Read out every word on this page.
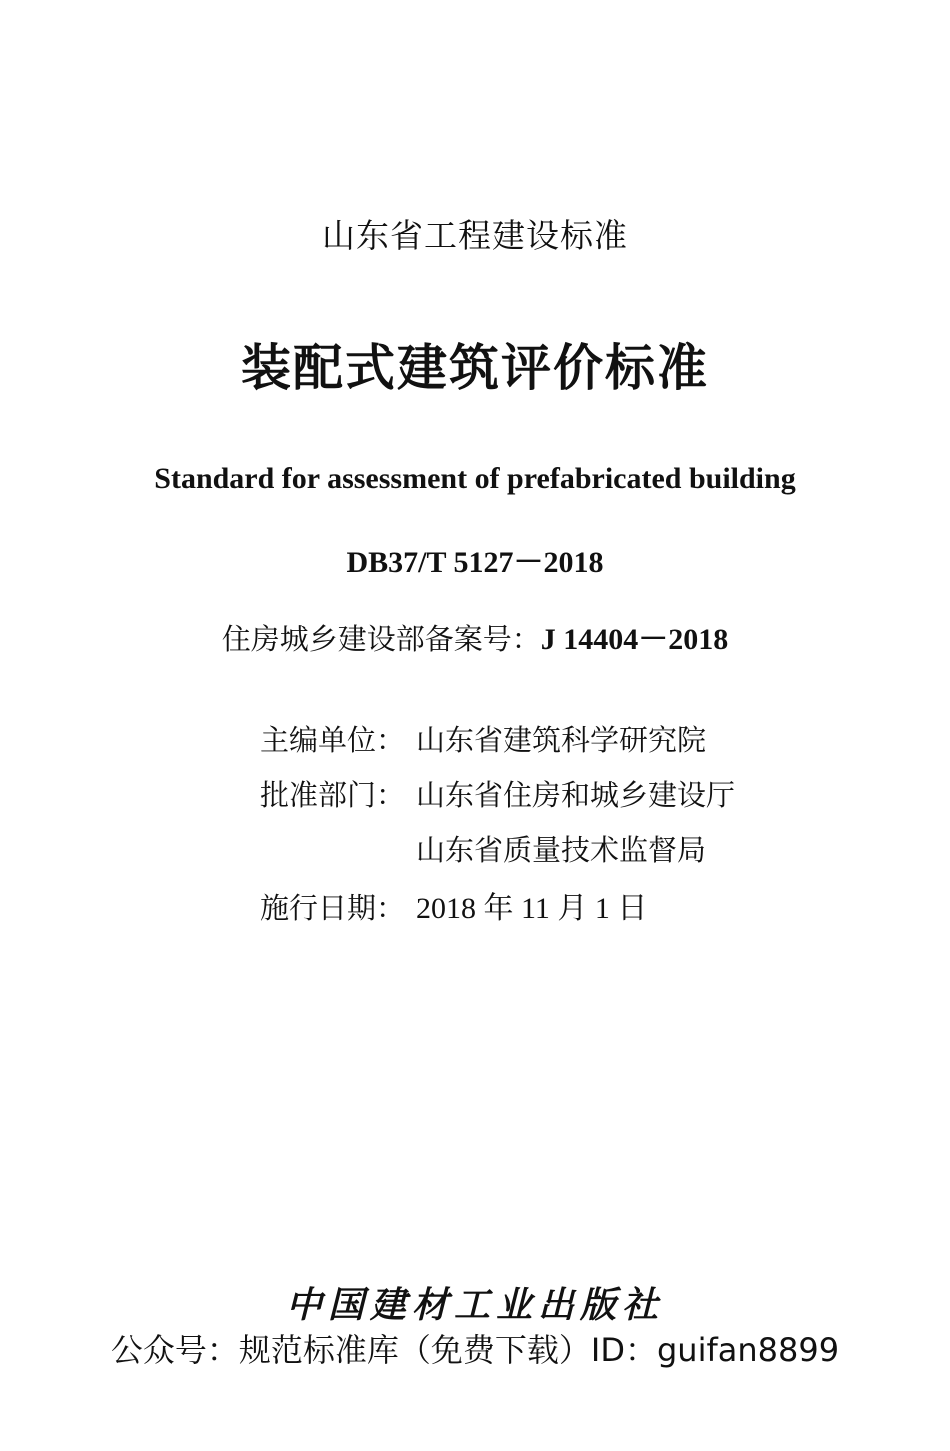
山东省工程建设标准
装配式建筑评价标准
Standard for assessment of prefabricated building
DB37/T 5127－2018
住房城乡建设部备案号：J 14404－2018
主编单位： 山东省建筑科学研究院
批准部门： 山东省住房和城乡建设厅
山东省质量技术监督局
施行日期： 2018 年 11 月 1 日
中国建材工业出版社
公众号：规范标准库（免费下载）ID：guifan8899
